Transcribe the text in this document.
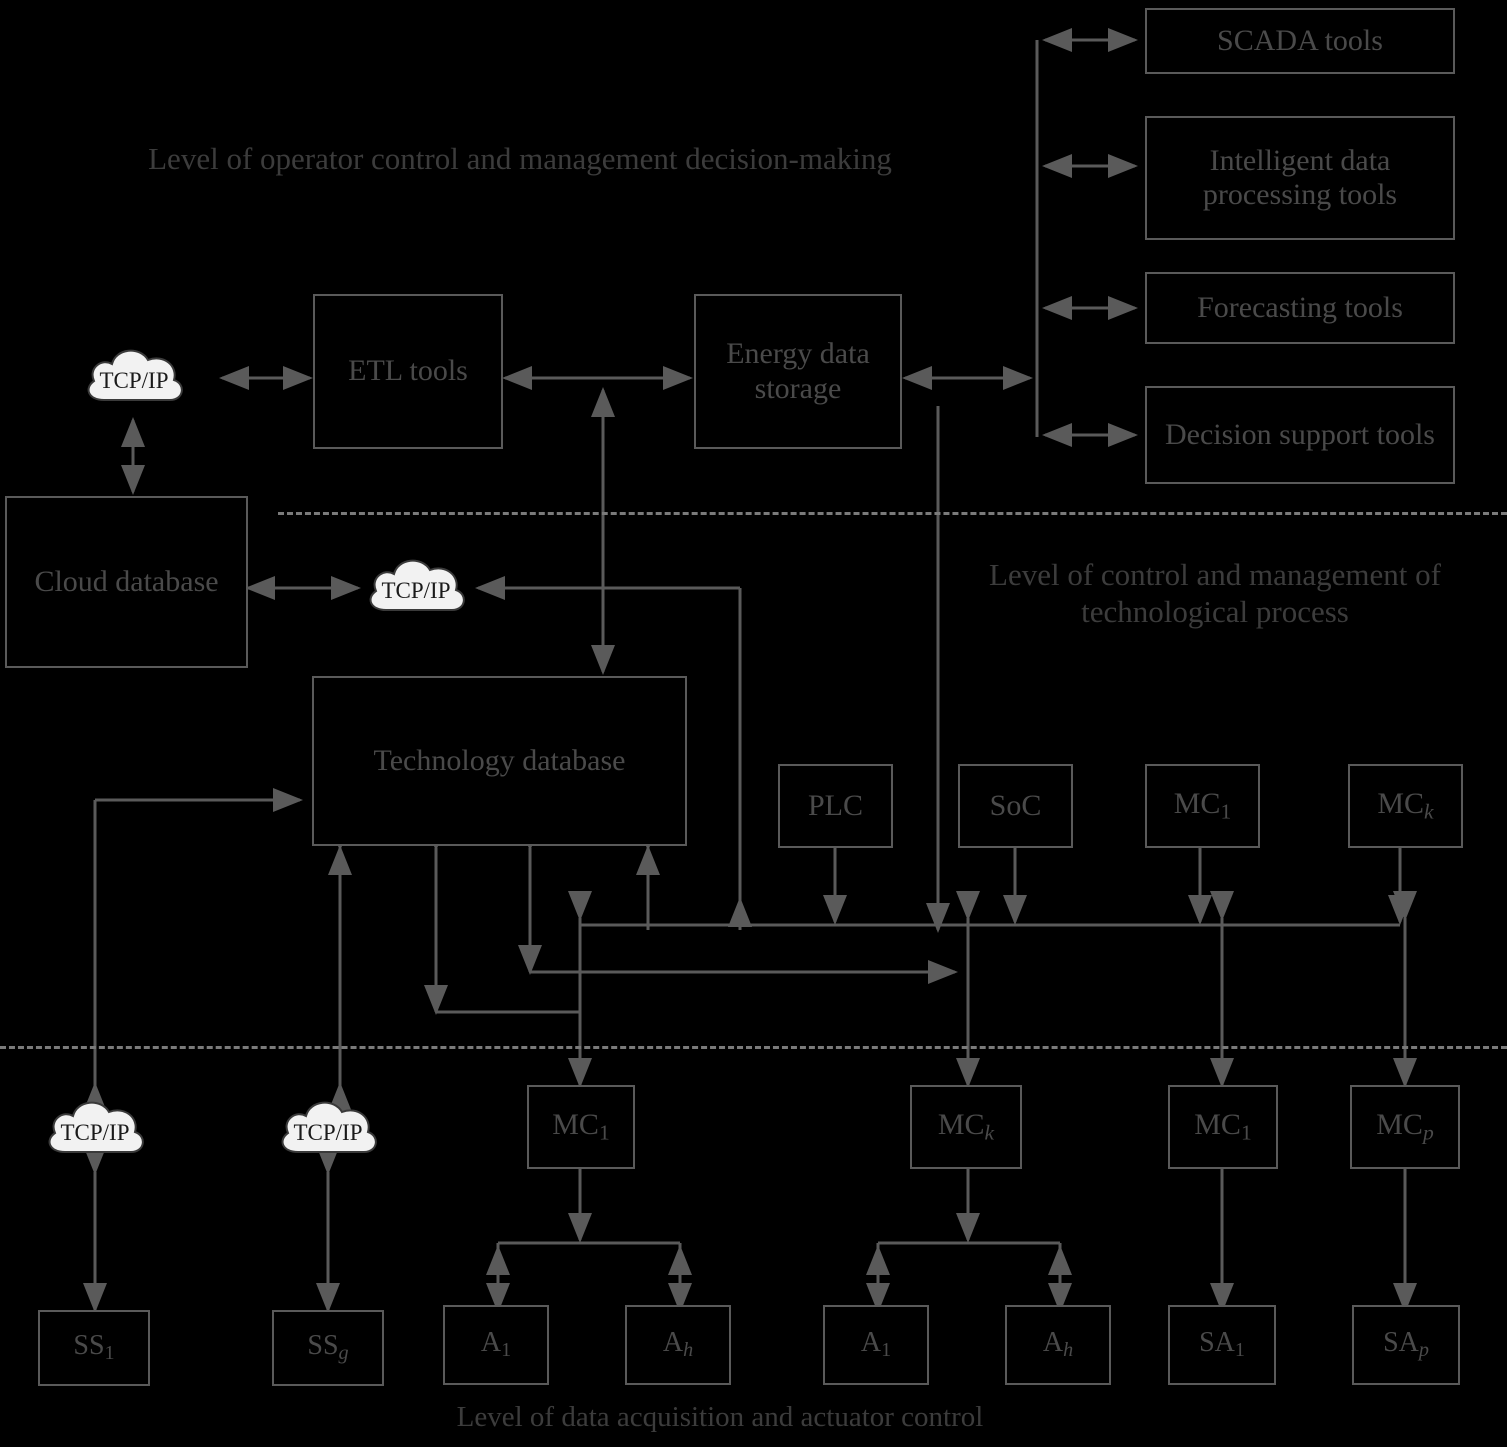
Level of operator control and management decision-making
Level of control and management of technological process
Level of data acquisition and actuator control
SCADA tools
Intelligent data processing tools
Forecasting tools
Decision support tools
ETL tools
Energy data storage
Cloud database
Technology database
PLC	SoC	$MC_1$	MCk
$MC_1$	MCk	$MC_1$	MCp
$SS_1$	SSg	$A_1$	Ah	$A_1$	Ah	$SA_1$	SAp
TCP/IP
TCP/IP
TCP/IP	TCP/IP
